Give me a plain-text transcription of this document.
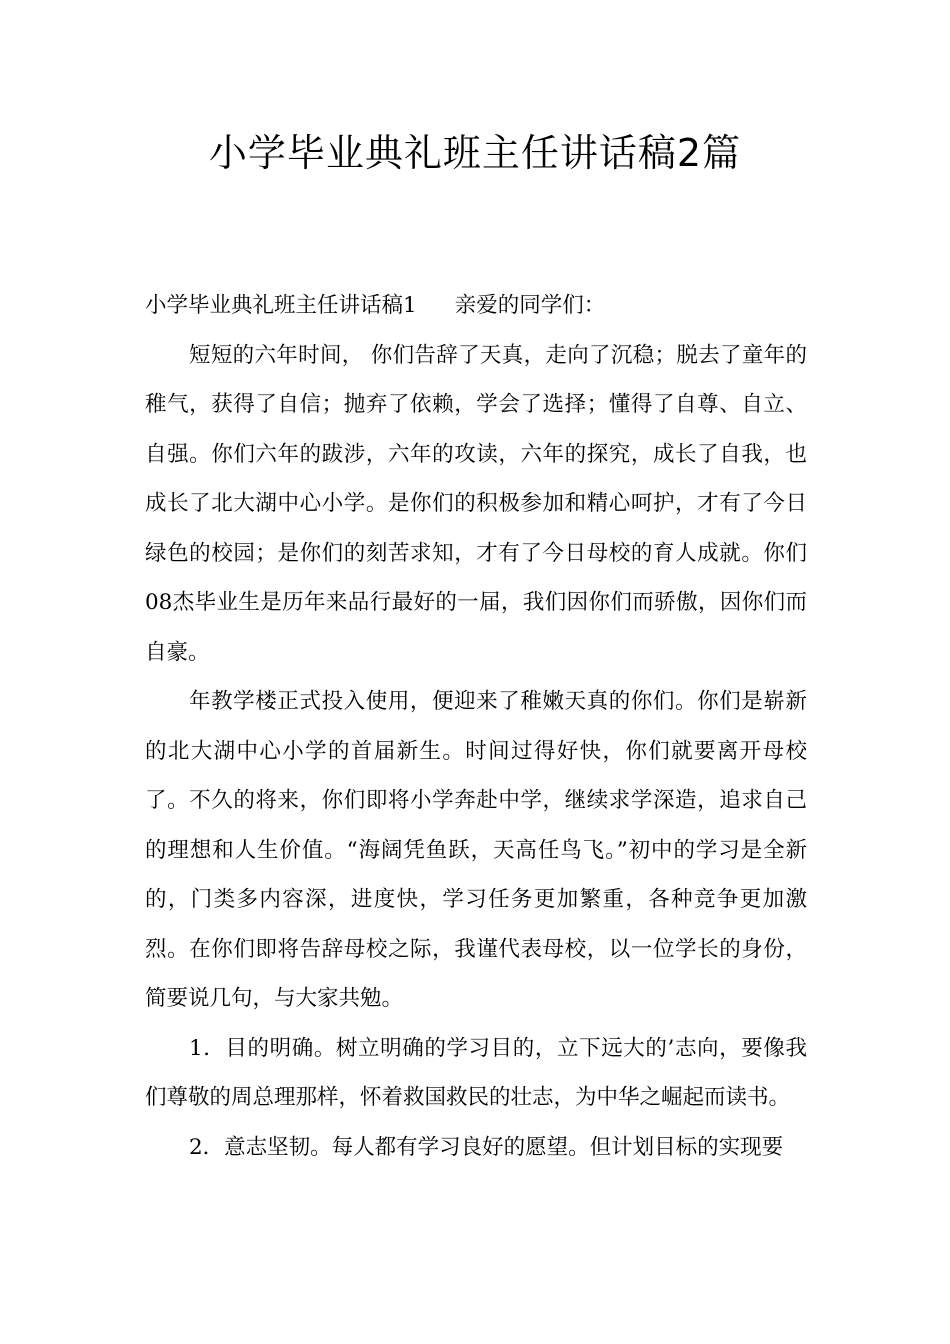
小学毕业典礼班主任讲话稿2篇

小学毕业典礼班主任讲话稿1 亲爱的同学们：

短短的六年时间， 你们告辞了天真，走向了沉稳；脱去了童年的稚气，获得了自信；抛弃了依赖，学会了选择；懂得了自尊、自立、自强。你们六年的跋涉，六年的攻读，六年的探究，成长了自我，也成长了北大湖中心小学。是你们的积极参加和精心呵护，才有了今日绿色的校园；是你们的刻苦求知，才有了今日母校的育人成就。你们08杰毕业生是历年来品行最好的一届，我们因你们而骄傲，因你们而自豪。

年教学楼正式投入使用，便迎来了稚嫩天真的你们。你们是崭新的北大湖中心小学的首届新生。时间过得好快，你们就要离开母校了。不久的将来，你们即将小学奔赴中学，继续求学深造，追求自己的理想和人生价值。“海阔凭鱼跃，天高任鸟飞。”初中的学习是全新的，门类多内容深，进度快，学习任务更加繁重，各种竞争更加激烈。在你们即将告辞母校之际，我谨代表母校，以一位学长的身份，简要说几句，与大家共勉。

1．目的明确。树立明确的学习目的，立下远大的’志向，要像我们尊敬的周总理那样，怀着救国救民的壮志，为中华之崛起而读书。

2．意志坚韧。每人都有学习良好的愿望。但计划目标的实现要
